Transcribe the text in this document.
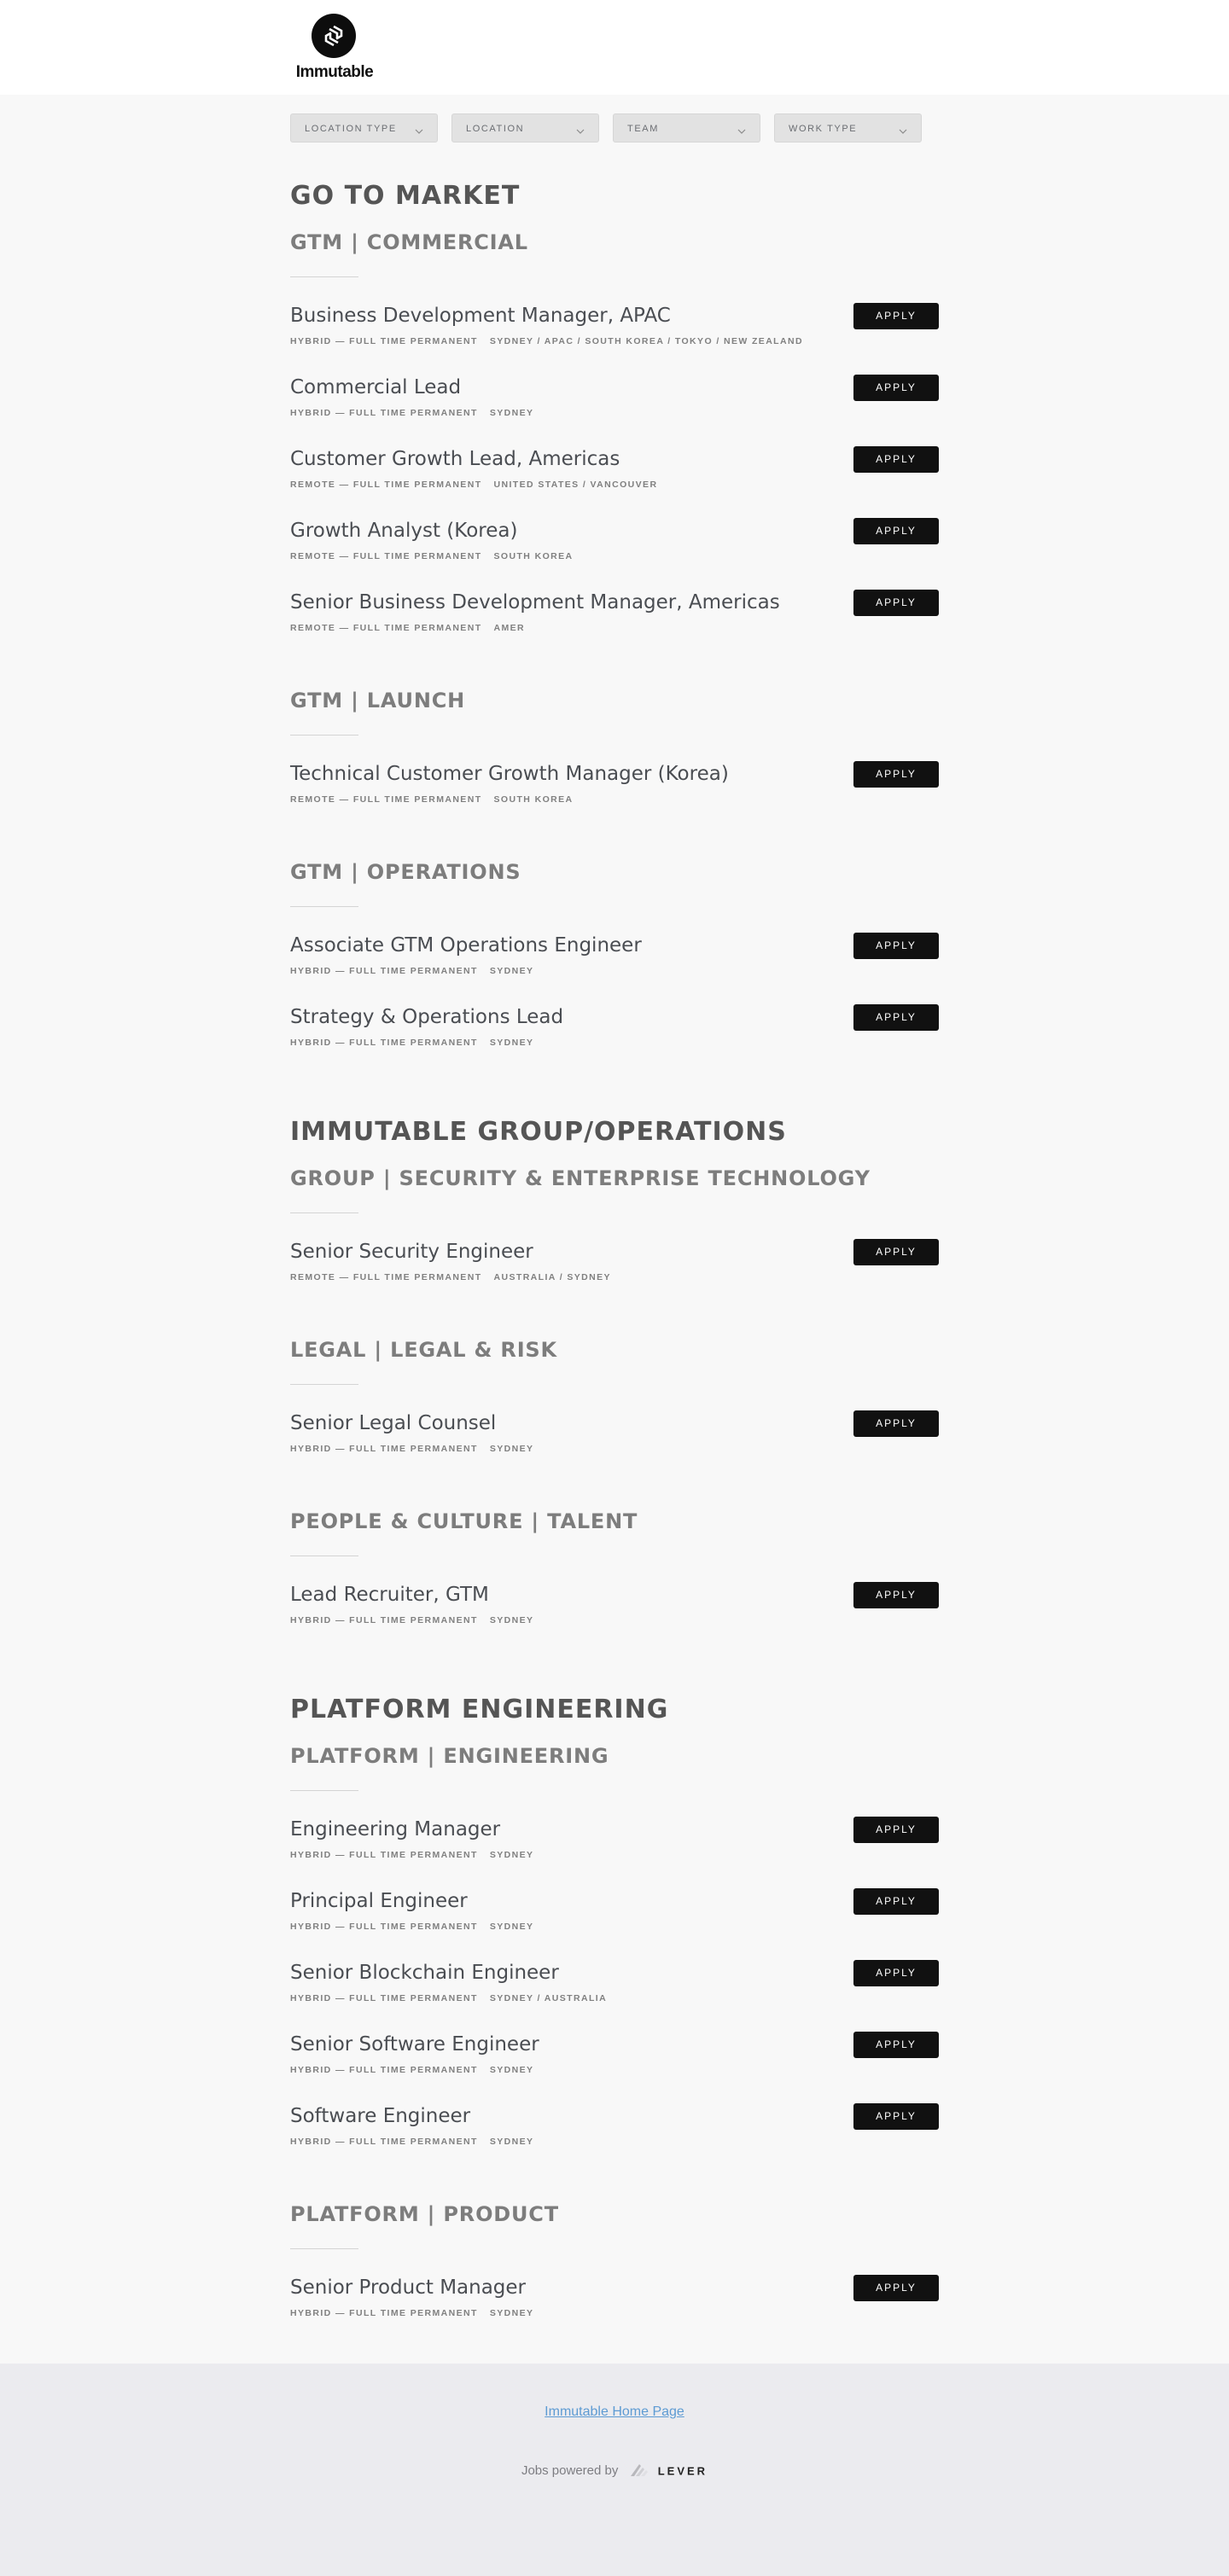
Immutable
LOCATION TYPE	LOCATION	TEAM	WORK TYPE
GO TO MARKET
GTM | COMMERCIAL
Business Development Manager, APAC
HYBRID — FULL TIME PERMANENT SYDNEY / APAC / SOUTH KOREA / TOKYO / NEW ZEALAND
APPLY
Commercial Lead
HYBRID — FULL TIME PERMANENT SYDNEY
APPLY
Customer Growth Lead, Americas
REMOTE — FULL TIME PERMANENT UNITED STATES / VANCOUVER
APPLY
Growth Analyst (Korea)
REMOTE — FULL TIME PERMANENT SOUTH KOREA
APPLY
Senior Business Development Manager, Americas
REMOTE — FULL TIME PERMANENT AMER
APPLY
GTM | LAUNCH
Technical Customer Growth Manager (Korea)
REMOTE — FULL TIME PERMANENT SOUTH KOREA
APPLY
GTM | OPERATIONS
Associate GTM Operations Engineer
HYBRID — FULL TIME PERMANENT SYDNEY
APPLY
Strategy & Operations Lead
HYBRID — FULL TIME PERMANENT SYDNEY
APPLY
IMMUTABLE GROUP/OPERATIONS
GROUP | SECURITY & ENTERPRISE TECHNOLOGY
Senior Security Engineer
REMOTE — FULL TIME PERMANENT AUSTRALIA / SYDNEY
APPLY
LEGAL | LEGAL & RISK
Senior Legal Counsel
HYBRID — FULL TIME PERMANENT SYDNEY
APPLY
PEOPLE & CULTURE | TALENT
Lead Recruiter, GTM
HYBRID — FULL TIME PERMANENT SYDNEY
APPLY
PLATFORM ENGINEERING
PLATFORM | ENGINEERING
Engineering Manager
HYBRID — FULL TIME PERMANENT SYDNEY
APPLY
Principal Engineer
HYBRID — FULL TIME PERMANENT SYDNEY
APPLY
Senior Blockchain Engineer
HYBRID — FULL TIME PERMANENT SYDNEY / AUSTRALIA
APPLY
Senior Software Engineer
HYBRID — FULL TIME PERMANENT SYDNEY
APPLY
Software Engineer
HYBRID — FULL TIME PERMANENT SYDNEY
APPLY
PLATFORM | PRODUCT
Senior Product Manager
HYBRID — FULL TIME PERMANENT SYDNEY
APPLY
Immutable Home Page
Jobs powered by	LEVER
